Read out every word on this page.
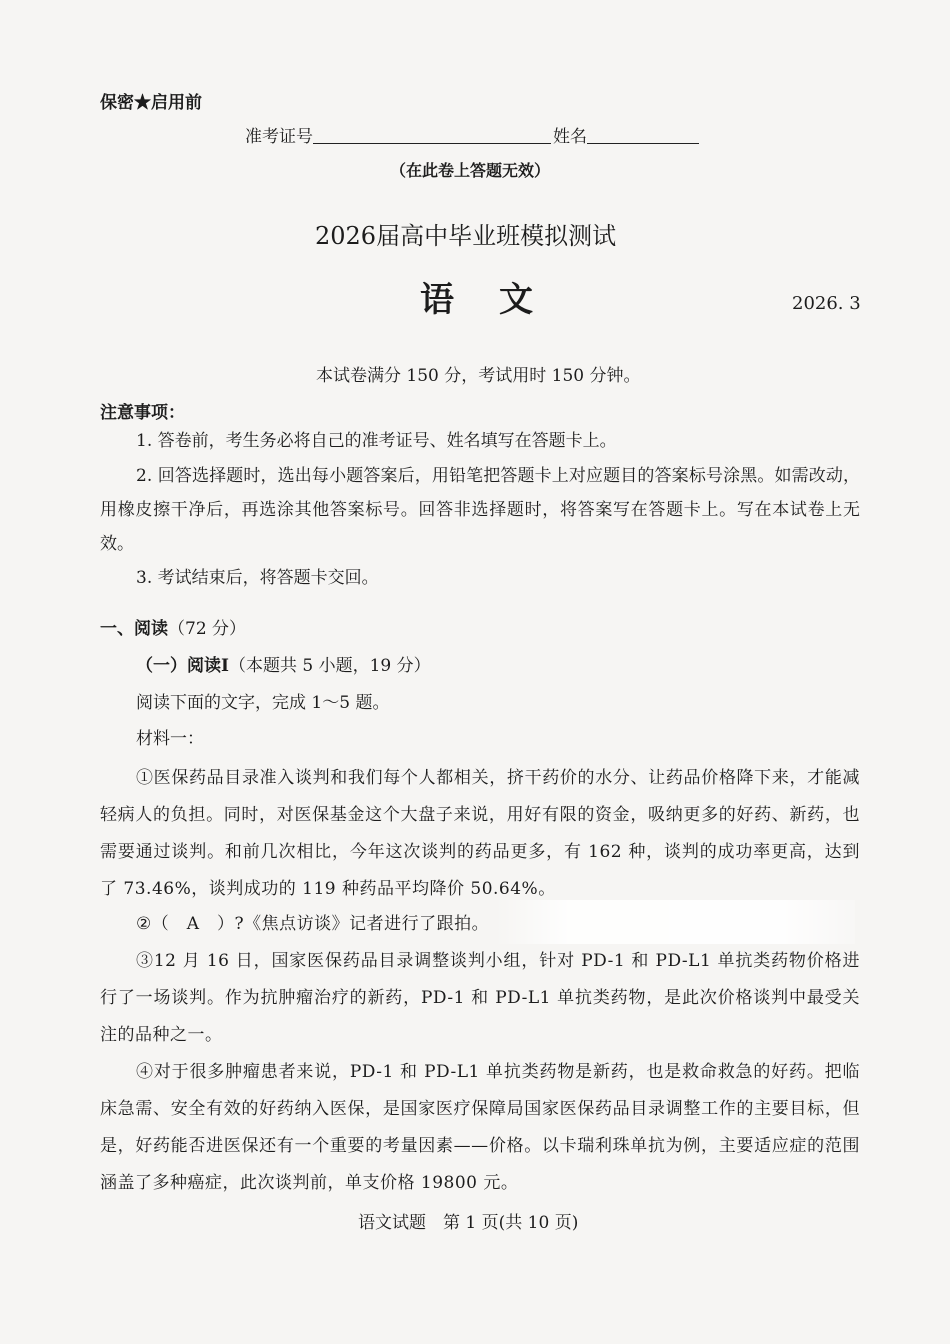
保密★启用前
准考证号	姓名
（在此卷上答题无效）
2026届高中毕业班模拟测试
语文	2026. 3
本试卷满分 150 分，考试用时 150 分钟。
注意事项：
1. 答卷前，考生务必将自己的准考证号、姓名填写在答题卡上。
2. 回答选择题时，选出每小题答案后，用铅笔把答题卡上对应题目的答案标号涂黑。如需改动，用橡皮擦干净后，再选涂其他答案标号。回答非选择题时，将答案写在答题卡上。写在本试卷上无效。
3. 考试结束后，将答题卡交回。
一、阅读（72 分）
（一）阅读Ⅰ（本题共 5 小题，19 分）
阅读下面的文字，完成 1～5 题。
材料一：
①医保药品目录准入谈判和我们每个人都相关，挤干药价的水分、让药品价格降下来，才能减轻病人的负担。同时，对医保基金这个大盘子来说，用好有限的资金，吸纳更多的好药、新药，也需要通过谈判。和前几次相比，今年这次谈判的药品更多，有 162 种，谈判的成功率更高，达到了 73.46%，谈判成功的 119 种药品平均降价 50.64%。
②（　A　）?《焦点访谈》记者进行了跟拍。
③12 月 16 日，国家医保药品目录调整谈判小组，针对 PD-1 和 PD-L1 单抗类药物价格进行了一场谈判。作为抗肿瘤治疗的新药，PD-1 和 PD-L1 单抗类药物，是此次价格谈判中最受关注的品种之一。
④对于很多肿瘤患者来说，PD-1 和 PD-L1 单抗类药物是新药，也是救命救急的好药。把临床急需、安全有效的好药纳入医保，是国家医疗保障局国家医保药品目录调整工作的主要目标，但是，好药能否进医保还有一个重要的考量因素——价格。以卡瑞利珠单抗为例，主要适应症的范围涵盖了多种癌症，此次谈判前，单支价格 19800 元。
语文试题　第 1 页(共 10 页)
